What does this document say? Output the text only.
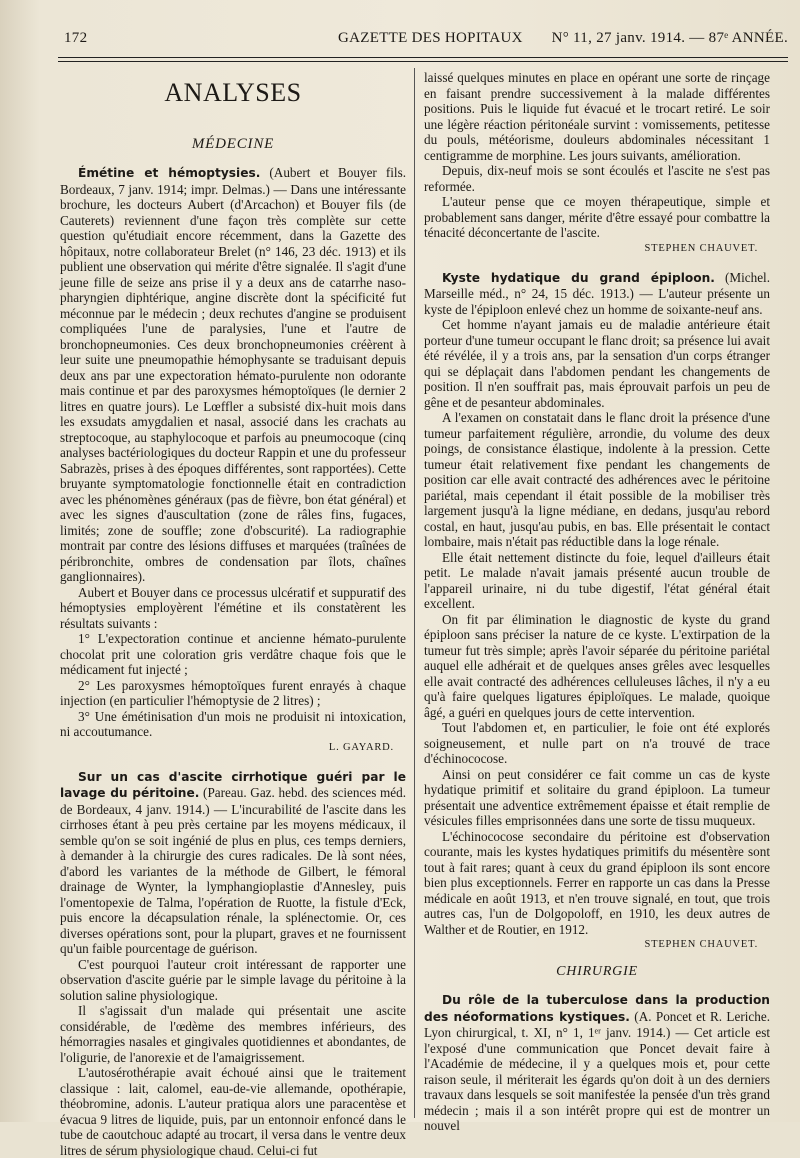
172	GAZETTE DES HOPITAUX N° 11, 27 janv. 1914. — 87ᵉ ANNÉE.
ANALYSES
MÉDECINE

Émétine et hémoptysies. (Aubert et Bouyer fils. Bordeaux, 7 janv. 1914; impr. Delmas.) — Dans une intéressante brochure, les docteurs Aubert (d'Arcachon) et Bouyer fils (de Cauterets) reviennent d'une façon très complète sur cette question qu'étudiait encore récemment, dans la Gazette des hôpitaux, notre collaborateur Brelet (n° 146, 23 déc. 1913) et ils publient une observation qui mérite d'être signalée. Il s'agit d'une jeune fille de seize ans prise il y a deux ans de catarrhe naso-pharyngien diphtérique, angine discrète dont la spécificité fut méconnue par le médecin ; deux rechutes d'angine se produisent compliquées l'une de paralysies, l'une et l'autre de bronchopneumonies. Ces deux bronchopneumonies créèrent à leur suite une pneumopathie hémophysante se traduisant depuis deux ans par une expectoration hémato-purulente non odorante mais continue et par des paroxysmes hémoptoïques (le dernier 2 litres en quatre jours). Le Lœffler a subsisté dix-huit mois dans les exsudats amygdalien et nasal, associé dans les crachats au streptocoque, au staphylocoque et parfois au pneumocoque (cinq analyses bactériologiques du docteur Rappin et une du professeur Sabrazès, prises à des époques différentes, sont rapportées). Cette bruyante symptomatologie fonctionnelle était en contradiction avec les phénomènes généraux (pas de fièvre, bon état général) et avec les signes d'auscultation (zone de râles fins, fugaces, limités; zone de souffle; zone d'obscurité). La radiographie montrait par contre des lésions diffuses et marquées (traînées de péribronchite, ombres de condensation par îlots, chaînes ganglionnaires).

Aubert et Bouyer dans ce processus ulcératif et suppuratif des hémoptysies employèrent l'émétine et ils constatèrent les résultats suivants :

1° L'expectoration continue et ancienne hémato-purulente chocolat prit une coloration gris verdâtre chaque fois que le médicament fut injecté ;

2° Les paroxysmes hémoptoïques furent enrayés à chaque injection (en particulier l'hémoptysie de 2 litres) ;

3° Une émétinisation d'un mois ne produisit ni intoxication, ni accoutumance.

L. GAYARD.

Sur un cas d'ascite cirrhotique guéri par le lavage du péritoine. (Pareau. Gaz. hebd. des sciences méd. de Bordeaux, 4 janv. 1914.) — L'incurabilité de l'ascite dans les cirrhoses étant à peu près certaine par les moyens médicaux, il semble qu'on se soit ingénié de plus en plus, ces temps derniers, à demander à la chirurgie des cures radicales. De là sont nées, d'abord les variantes de la méthode de Gilbert, le fémoral drainage de Wynter, la lymphangioplastie d'Annesley, puis l'omentopexie de Talma, l'opération de Ruotte, la fistule d'Eck, puis encore la décapsulation rénale, la splénectomie. Or, ces diverses opérations sont, pour la plupart, graves et ne fournissent qu'un faible pourcentage de guérison.

C'est pourquoi l'auteur croit intéressant de rapporter une observation d'ascite guérie par le simple lavage du péritoine à la solution saline physiologique.

Il s'agissait d'un malade qui présentait une ascite considérable, de l'œdème des membres inférieurs, des hémorragies nasales et gingivales quotidiennes et abondantes, de l'oligurie, de l'anorexie et de l'amaigrissement.

L'autosérothérapie avait échoué ainsi que le traitement classique : lait, calomel, eau-de-vie allemande, opothérapie, théobromine, adonis. L'auteur pratiqua alors une paracentèse et évacua 9 litres de liquide, puis, par un entonnoir enfoncé dans le tube de caoutchouc adapté au trocart, il versa dans le ventre deux litres de sérum physiologique chaud. Celui-ci fut

laissé quelques minutes en place en opérant une sorte de rinçage en faisant prendre successivement à la malade différentes positions. Puis le liquide fut évacué et le trocart retiré. Le soir une légère réaction péritonéale survint : vomissements, petitesse du pouls, météorisme, douleurs abdominales nécessitant 1 centigramme de morphine. Les jours suivants, amélioration.

Depuis, dix-neuf mois se sont écoulés et l'ascite ne s'est pas reformée.

L'auteur pense que ce moyen thérapeutique, simple et probablement sans danger, mérite d'être essayé pour combattre la ténacité déconcertante de l'ascite.

STEPHEN CHAUVET.

Kyste hydatique du grand épiploon. (Michel. Marseille méd., n° 24, 15 déc. 1913.) — L'auteur présente un kyste de l'épiploon enlevé chez un homme de soixante-neuf ans.

Cet homme n'ayant jamais eu de maladie antérieure était porteur d'une tumeur occupant le flanc droit; sa présence lui avait été révélée, il y a trois ans, par la sensation d'un corps étranger qui se déplaçait dans l'abdomen pendant les changements de position. Il n'en souffrait pas, mais éprouvait parfois un peu de gêne et de pesanteur abdominales.

A l'examen on constatait dans le flanc droit la présence d'une tumeur parfaitement régulière, arrondie, du volume des deux poings, de consistance élastique, indolente à la pression. Cette tumeur était relativement fixe pendant les changements de position car elle avait contracté des adhérences avec le péritoine pariétal, mais cependant il était possible de la mobiliser très largement jusqu'à la ligne médiane, en dedans, jusqu'au rebord costal, en haut, jusqu'au pubis, en bas. Elle présentait le contact lombaire, mais n'était pas réductible dans la loge rénale.

Elle était nettement distincte du foie, lequel d'ailleurs était petit. Le malade n'avait jamais présenté aucun trouble de l'appareil urinaire, ni du tube digestif, l'état général était excellent.

On fit par élimination le diagnostic de kyste du grand épiploon sans préciser la nature de ce kyste. L'extirpation de la tumeur fut très simple; après l'avoir séparée du péritoine pariétal auquel elle adhérait et de quelques anses grêles avec lesquelles elle avait contracté des adhérences celluleuses lâches, il n'y a eu qu'à faire quelques ligatures épiploïques. Le malade, quoique âgé, a guéri en quelques jours de cette intervention.

Tout l'abdomen et, en particulier, le foie ont été explorés soigneusement, et nulle part on n'a trouvé de trace d'échinococose.

Ainsi on peut considérer ce fait comme un cas de kyste hydatique primitif et solitaire du grand épiploon. La tumeur présentait une adventice extrêmement épaisse et était remplie de vésicules filles emprisonnées dans une sorte de tissu muqueux.

L'échinococose secondaire du péritoine est d'observation courante, mais les kystes hydatiques primitifs du mésentère sont tout à fait rares; quant à ceux du grand épiploon ils sont encore bien plus exceptionnels. Ferrer en rapporte un cas dans la Presse médicale en août 1913, et n'en trouve signalé, en tout, que trois autres cas, l'un de Dolgopoloff, en 1910, les deux autres de Walther et de Routier, en 1912.

STEPHEN CHAUVET.
CHIRURGIE

Du rôle de la tuberculose dans la production des néoformations kystiques. (A. Poncet et R. Leriche. Lyon chirurgical, t. XI, n° 1, 1ᵉʳ janv. 1914.) — Cet article est l'exposé d'une communication que Poncet devait faire à l'Académie de médecine, il y a quelques mois et, pour cette raison seule, il mériterait les égards qu'on doit à un des derniers travaux dans lesquels se soit manifestée la pensée d'un très grand médecin ; mais il a son intérêt propre qui est de montrer un nouvel
